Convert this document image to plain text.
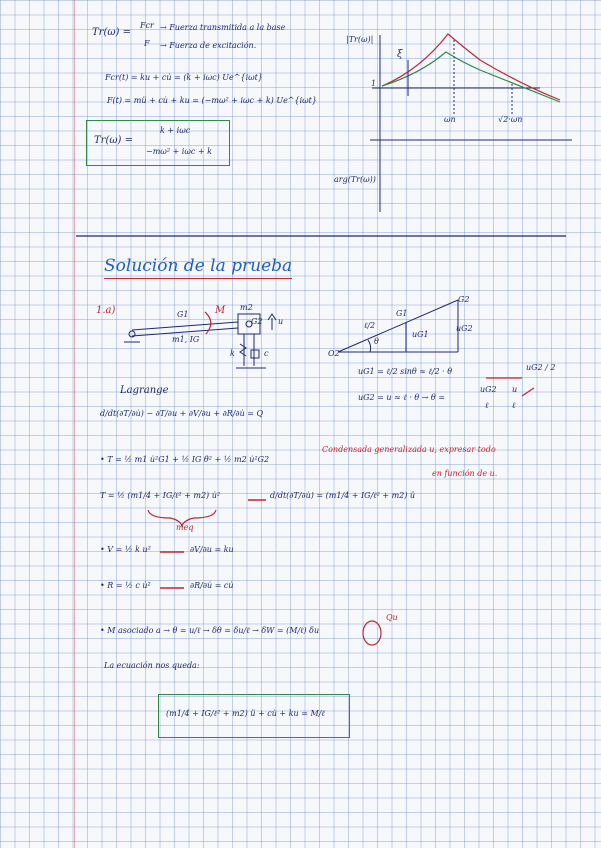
Tr(ω) =
Fcr
F
→ Fuerza transmitida a la base
→ Fuerza de excitación.
Fcr(t) = ku + cu̇ = (k + iωc) Ue^{iωt}
F(t) = mü + cu̇ + ku = (−mω² + iωc + k) Ue^{iωt}
Tr(ω) =
k + iωc
−mω² + iωc + k
|Tr(ω)|
ξ
1
ωn	√2·ωn
arg(Tr(ω))
Solución de la prueba
1.a)	G1	M
m1, IG
m2
G2 u
k	c
G2
G1
ℓ/2
θ
uG1
uG2
O2
uG1 = ℓ/2 sinθ ≈ ℓ/2 · θ	uG2 / 2
uG2 = u ≈ ℓ · θ → θ =
uG2
ℓ
u
ℓ
Lagrange
d/dt(∂T/∂u̇) − ∂T/∂u + ∂V/∂u + ∂R/∂u̇ = Q
• T = ½ m1 u̇²G1 + ½ IG θ̇² + ½ m2 u̇²G2
Condensada generalizada u, expresar todo
en función de u.
T = ½ (m1/4 + IG/ℓ² + m2) u̇²	d/dt(∂T/∂u̇) = (m1/4 + IG/ℓ² + m2) ü
meq
• V = ½ k u²	∂V/∂u = ku
• R = ½ c u̇²	∂R/∂u̇ = cu̇
• M asociado a → θ = u/ℓ → δθ = δu/ℓ → δW = (M/ℓ) δu
Qu
La ecuación nos queda:
(m1/4 + IG/ℓ² + m2) ü + cu̇ + ku = M/ℓ
